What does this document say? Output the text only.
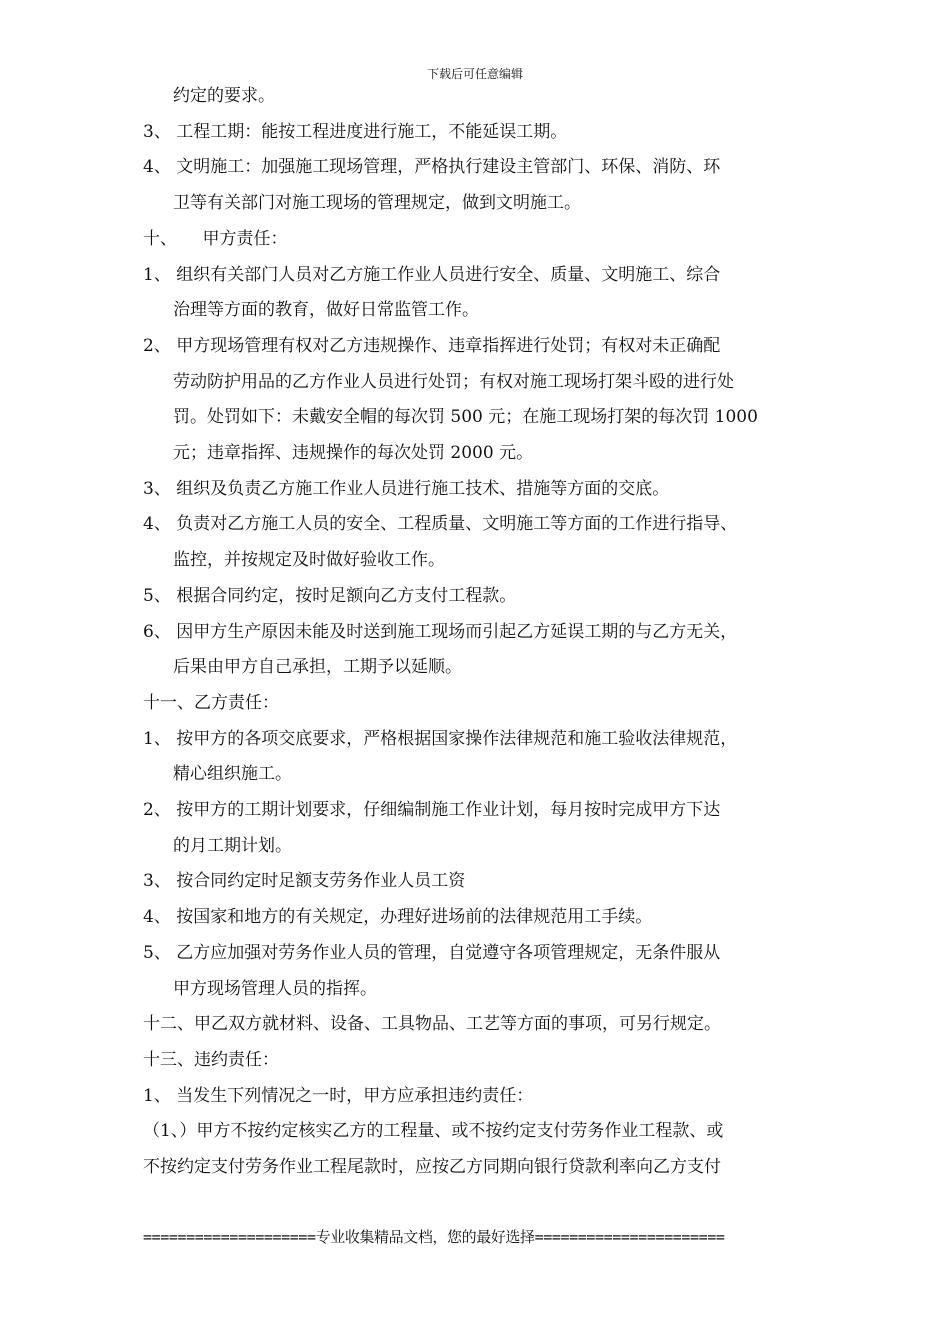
下载后可任意编辑
约定的要求。
3、 工程工期：能按工程进度进行施工，不能延误工期。
4、 文明施工：加强施工现场管理，严格执行建设主管部门、环保、消防、环
卫等有关部门对施工现场的管理规定，做到文明施工。
十、　　甲方责任：
1、 组织有关部门人员对乙方施工作业人员进行安全、质量、文明施工、综合
治理等方面的教育，做好日常监管工作。
2、 甲方现场管理有权对乙方违规操作、违章指挥进行处罚；有权对未正确配
劳动防护用品的乙方作业人员进行处罚；有权对施工现场打架斗殴的进行处
罚。处罚如下：未戴安全帽的每次罚 500 元；在施工现场打架的每次罚 1000
元；违章指挥、违规操作的每次处罚 2000 元。
3、 组织及负责乙方施工作业人员进行施工技术、措施等方面的交底。
4、 负责对乙方施工人员的安全、工程质量、文明施工等方面的工作进行指导、
监控，并按规定及时做好验收工作。
5、 根据合同约定，按时足额向乙方支付工程款。
6、 因甲方生产原因未能及时送到施工现场而引起乙方延误工期的与乙方无关，
后果由甲方自己承担，工期予以延顺。
十一、乙方责任：
1、 按甲方的各项交底要求，严格根据国家操作法律规范和施工验收法律规范，
精心组织施工。
2、 按甲方的工期计划要求，仔细编制施工作业计划，每月按时完成甲方下达
的月工期计划。
3、 按合同约定时足额支劳务作业人员工资
4、 按国家和地方的有关规定，办理好进场前的法律规范用工手续。
5、 乙方应加强对劳务作业人员的管理，自觉遵守各项管理规定，无条件服从
甲方现场管理人员的指挥。
十二、甲乙双方就材料、设备、工具物品、工艺等方面的事项，可另行规定。
十三、违约责任：
1、 当发生下列情况之一时，甲方应承担违约责任：
（1、）甲方不按约定核实乙方的工程量、或不按约定支付劳务作业工程款、或
不按约定支付劳务作业工程尾款时，应按乙方同期向银行贷款利率向乙方支付
====================专业收集精品文档，您的最好选择======================
